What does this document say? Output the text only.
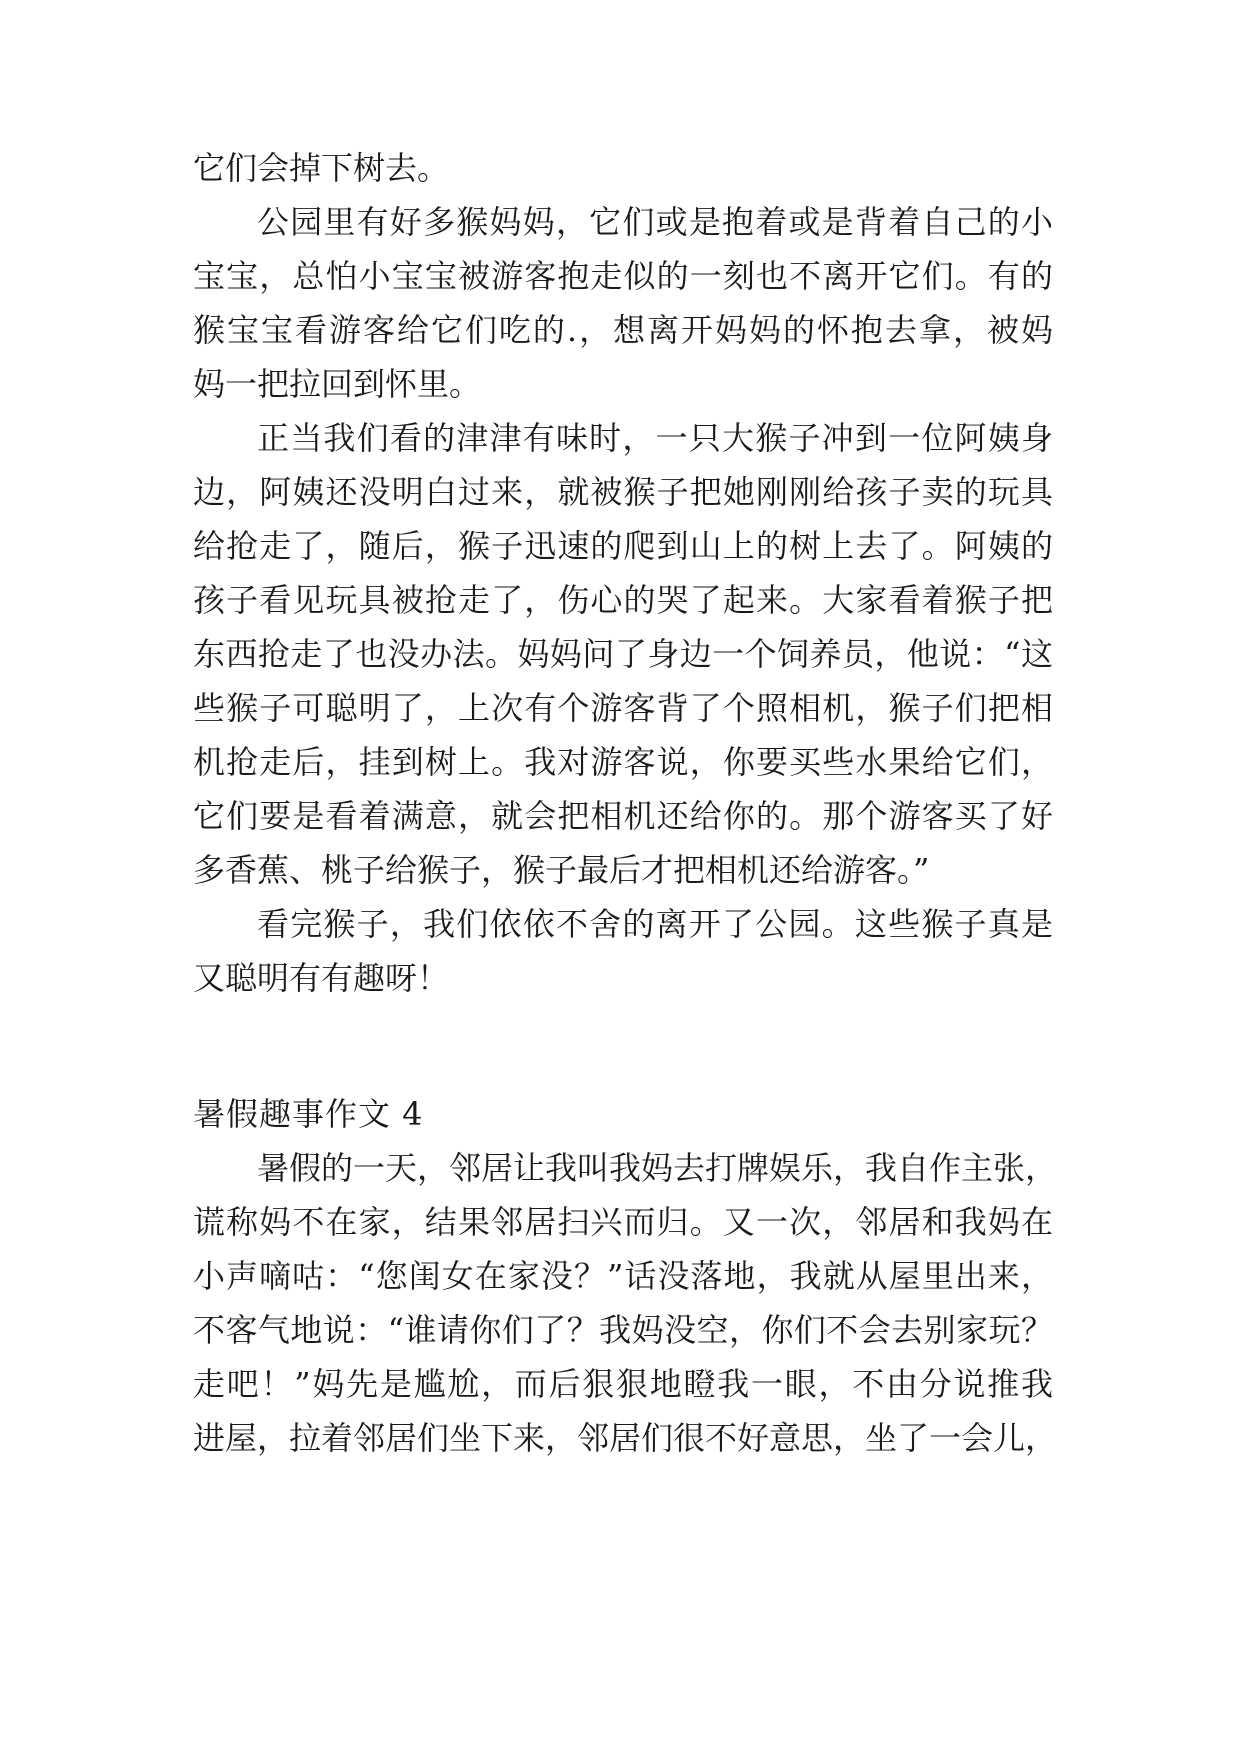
它们会掉下树去。
公园里有好多猴妈妈，它们或是抱着或是背着自己的小
宝宝，总怕小宝宝被游客抱走似的一刻也不离开它们。有的
猴宝宝看游客给它们吃的.，想离开妈妈的怀抱去拿，被妈
妈一把拉回到怀里。
正当我们看的津津有味时，一只大猴子冲到一位阿姨身
边，阿姨还没明白过来，就被猴子把她刚刚给孩子卖的玩具
给抢走了，随后，猴子迅速的爬到山上的树上去了。阿姨的
孩子看见玩具被抢走了，伤心的哭了起来。大家看着猴子把
东西抢走了也没办法。妈妈问了身边一个饲养员，他说：“这
些猴子可聪明了，上次有个游客背了个照相机，猴子们把相
机抢走后，挂到树上。我对游客说，你要买些水果给它们，
它们要是看着满意，就会把相机还给你的。那个游客买了好
多香蕉、桃子给猴子，猴子最后才把相机还给游客。”
看完猴子，我们依依不舍的离开了公园。这些猴子真是
又聪明有有趣呀！
暑假趣事作文 4
暑假的一天，邻居让我叫我妈去打牌娱乐，我自作主张，
谎称妈不在家，结果邻居扫兴而归。又一次，邻居和我妈在
小声嘀咕：“您闺女在家没？”话没落地，我就从屋里出来，
不客气地说：“谁请你们了？我妈没空，你们不会去别家玩？
走吧！”妈先是尴尬，而后狠狠地瞪我一眼，不由分说推我
进屋，拉着邻居们坐下来，邻居们很不好意思，坐了一会儿，
